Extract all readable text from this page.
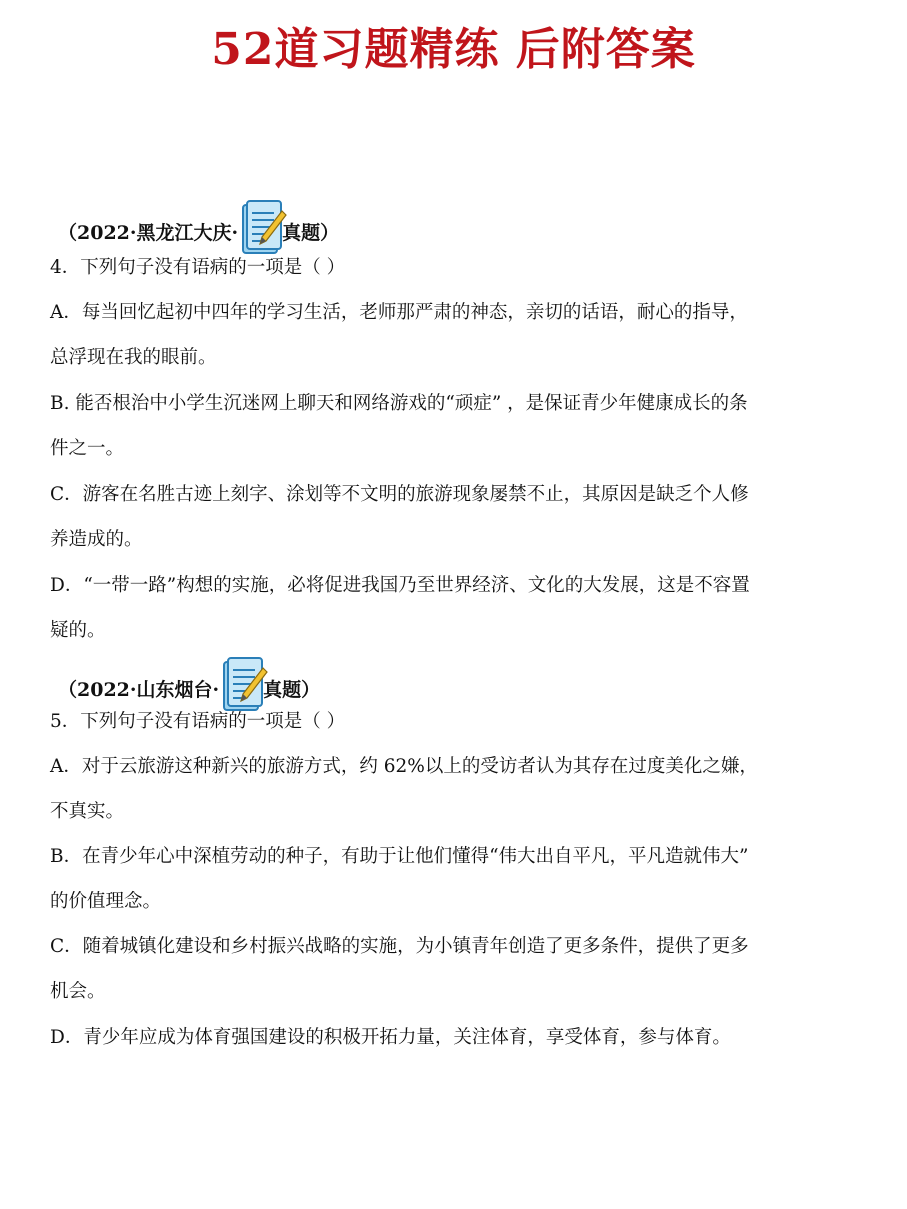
52道习题精练 后附答案
（2022·黑龙江大庆· 真题）
4．下列句子没有语病的一项是（ ）
A．每当回忆起初中四年的学习生活，老师那严肃的神态，亲切的话语，耐心的指导，
总浮现在我的眼前。
B. 能否根治中小学生沉迷网上聊天和网络游戏的“顽症” ，是保证青少年健康成长的条
件之一。
C．游客在名胜古迹上刻字、涂划等不文明的旅游现象屡禁不止，其原因是缺乏个人修
养造成的。
D．“一带一路”构想的实施，必将促进我国乃至世界经济、文化的大发展，这是不容置
疑的。
（2022·山东烟台· 真题）
5．下列句子没有语病的一项是（ ）
A．对于云旅游这种新兴的旅游方式，约 62%以上的受访者认为其存在过度美化之嫌，
不真实。
B．在青少年心中深植劳动的种子，有助于让他们懂得“伟大出自平凡，平凡造就伟大”
的价值理念。
C．随着城镇化建设和乡村振兴战略的实施，为小镇青年创造了更多条件，提供了更多
机会。
D．青少年应成为体育强国建设的积极开拓力量，关注体育，享受体育，参与体育。
